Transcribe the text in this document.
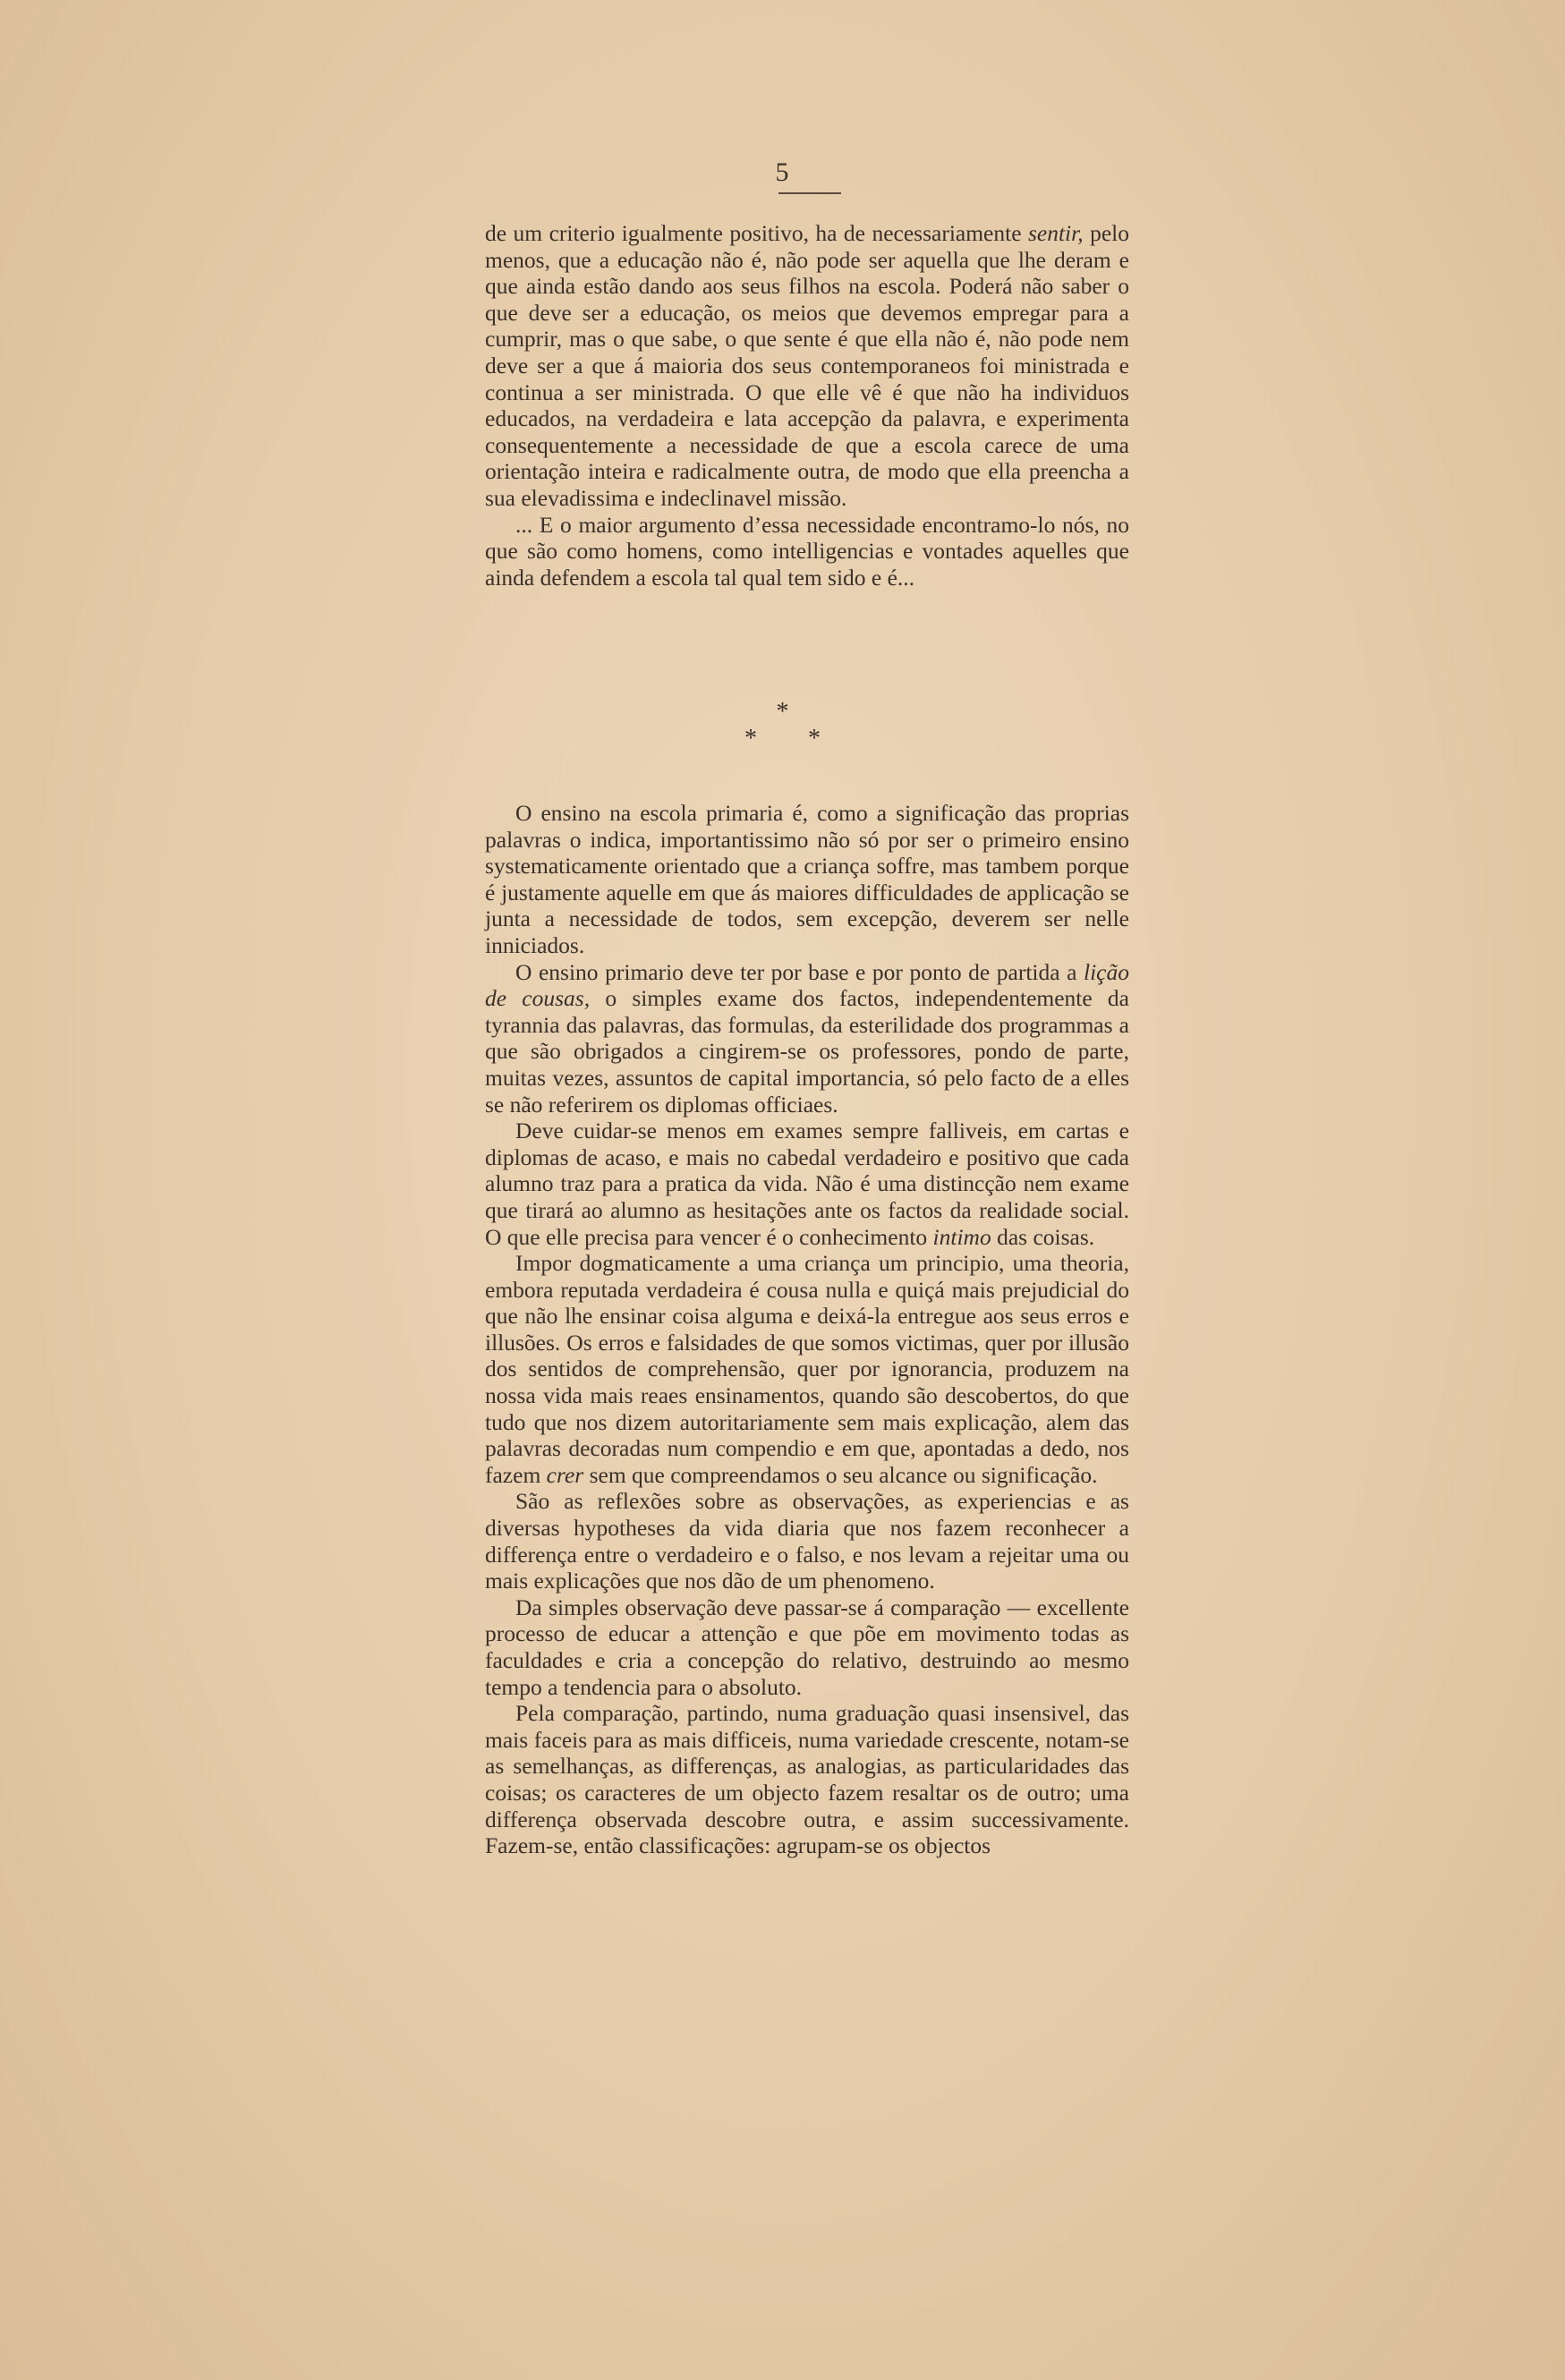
5

de um criterio igualmente positivo, ha de necessariamente sentir, pelo menos, que a educação não é, não pode ser aquella que lhe deram e que ainda estão dando aos seus filhos na escola. Poderá não saber o que deve ser a educação, os meios que devemos empregar para a cumprir, mas o que sabe, o que sente é que ella não é, não pode nem deve ser a que á maioria dos seus contemporaneos foi ministrada e continua a ser ministrada. O que elle vê é que não ha individuos educados, na verdadeira e lata accepção da palavra, e experimenta consequentemente a necessidade de que a escola carece de uma orientação inteira e radicalmente outra, de modo que ella preencha a sua elevadissima e indeclinavel missão.

... E o maior argumento d’essa necessidade encontramo-lo nós, no que são como homens, como intelligencias e vontades aquelles que ainda defendem a escola tal qual tem sido e é...

*
* *

O ensino na escola primaria é, como a significação das proprias palavras o indica, importantissimo não só por ser o primeiro ensino systematicamente orientado que a criança soffre, mas tambem porque é justamente aquelle em que ás maiores difficuldades de applicação se junta a necessidade de todos, sem excepção, deverem ser nelle inniciados.

O ensino primario deve ter por base e por ponto de partida a lição de cousas, o simples exame dos factos, independentemente da tyrannia das palavras, das formulas, da esterilidade dos programmas a que são obrigados a cingirem-se os professores, pondo de parte, muitas vezes, assuntos de capital importancia, só pelo facto de a elles se não referirem os diplomas officiaes.

Deve cuidar-se menos em exames sempre falliveis, em cartas e diplomas de acaso, e mais no cabedal verdadeiro e positivo que cada alumno traz para a pratica da vida. Não é uma distincção nem exame que tirará ao alumno as hesitações ante os factos da realidade social. O que elle precisa para vencer é o conhecimento intimo das coisas.

Impor dogmaticamente a uma criança um principio, uma theoria, embora reputada verdadeira é cousa nulla e quiçá mais prejudicial do que não lhe ensinar coisa alguma e deixá-la entregue aos seus erros e illusões. Os erros e falsidades de que somos victimas, quer por illusão dos sentidos de comprehensão, quer por ignorancia, produzem na nossa vida mais reaes ensinamentos, quando são descobertos, do que tudo que nos dizem autoritariamente sem mais explicação, alem das palavras decoradas num compendio e em que, apontadas a dedo, nos fazem crer sem que compreendamos o seu alcance ou significação.

São as reflexões sobre as observações, as experiencias e as diversas hypotheses da vida diaria que nos fazem reconhecer a differença entre o verdadeiro e o falso, e nos levam a rejeitar uma ou mais explicações que nos dão de um phenomeno.

Da simples observação deve passar-se á comparação — excellente processo de educar a attenção e que põe em movimento todas as faculdades e cria a concepção do relativo, destruindo ao mesmo tempo a tendencia para o absoluto.

Pela comparação, partindo, numa graduação quasi insensivel, das mais faceis para as mais difficeis, numa variedade crescente, notam-se as semelhanças, as differenças, as analogias, as particularidades das coisas; os caracteres de um objecto fazem resaltar os de outro; uma differença observada descobre outra, e assim successivamente. Fazem-se, então classificações: agrupam-se os objectos
